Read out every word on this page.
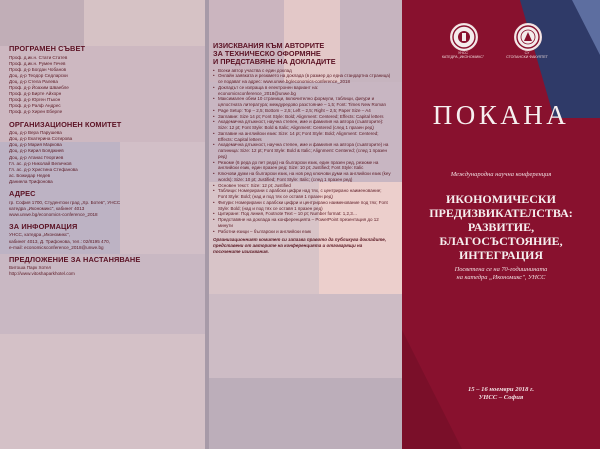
ПРОГРАМЕН СЪВЕТ
Проф. д.ик.н. Стати Статев
Проф. д.ик.н. Румен Гечев
Проф. д-р Богдан Чобанов
Доц. д-р Теодор Седларски
Доц. д-р Стела Ралева
Проф. д-р Йоахим Шваебле
Проф. д-р Бирте Айхорн
Проф. д-р Юрген Пъкон
Проф. д-р Ралф Андрес
Проф. д-р Хирен Еберле
ОРГАНИЗАЦИОНЕН КОМИТЕТ
Доц. д-р Вера Парушева
Доц. д-р Екатерина Сотирова
Доц. д-р Мария Маркова
Доц. д-р Кирил Бояджиев
Доц. д-р Атанас Георгиев
Гл. ас. д-р Николай Величков
Гл. ас. д-р Христина Стефанова
ас. Божидар Недев
Даниела Трифонова
АДРЕС
гр. София 1700, Студентски град „Хр. Ботев", УНСС
катедра „Икономикс", кабинет 4013
www.unwe.bg/economics-conference_2018
ЗА ИНФОРМАЦИЯ
УНСС, катедра „Икономикс",
кабинет 4013, Д. Трифонова, тел.: 02/8195 470,
e-mail: economicsconference_2018@unwe.bg
ПРЕДЛОЖЕНИЕ ЗА НАСТАНЯВАНЕ
Витоша Парк Хотел
http://www.vitoshaparkhotel.com
ИЗИСКВАНИЯ КЪМ АВТОРИТЕ
ЗА ТЕХНИЧЕСКО ОФОРМЯНЕ
И ПРЕДСТАВЯНЕ НА ДОКЛАДИТЕ
• Всеки автор участва с един доклад
• Онлайн заявката и резюмето на доклада (в размер до една стандартна страница) се подават на адрес: www.unwe.bg/economics-conference_2018
• Докладът се изпраща в електронен вариант на: economicsconference_2018@unwe.bg
• Максимален обем 10 страници, включително формули, таблици, фигури и цялостната литература; междуредово разстояние – 1,5; Font: Times New Roman
• Page Setup: Top – 2,5; Bottom – 2,5; Left – 2,5; Right – 2,5; Paper Size – A4
• Заглавие: Size 14 pt; Font Style: Bold; Alignment: Centered; Effects: Capital letters
• Академична длъжност, научна степен, име и фамилия на автора (съавторите): Size: 12 pt; Font Style: Bold & Italic; Alignment: Centered (след 1 празен ред)
• Заглавие на английски език: Size: 14 pt; Font Style: Bold; Alignment: Centered; Effects: Capital letters
• Академична длъжност, научна степен, име и фамилия на автора (съавторите) на латиница: Size: 12 pt; Font Style: Bold & Italic; Alignment: Centered; (след 1 празен ред)
• Резюме (6 реда до пет реда) на български език, един празен ред, резюме на английски език, един празен ред: Size: 10 pt; Justified; Font Style: Italic
• Ключови думи на български език, на нов ред ключови думи на английски език (key words): Size: 10 pt; Justified; Font Style: Italic; (след 1 празен ред)
• Основен текст: Size: 12 pt; Justified
• Таблици: Номерирани с арабски цифри над тях, с центрирано наименование; Font Style: Bold; (над и под тях се оставя 1 празен ред)
• Фигури: Номерирани с арабски цифри и центрирано наименование под тях; Font Style: Bold; (над и под тях се оставя 1 празен ред)
• Цитиране: Под линия, Footnote Text – 10 pt; Number format: 1,2,3…
• Представяне на доклада на конференцията – PowerPoint презентация до 12 минути
• Работни езици – български и английски език
Организационният комитет си запазва правото да публикува докладите, представени от авторите на конференцията и отговарящи на посочените изисквания.
УНСС
КАТЕДРА „ИКОНОМИКС"
СУ
СТОПАНСКИ ФАКУЛТЕТ
ПОКАНА
Международна научна конференция
ИКОНОМИЧЕСКИ
ПРЕДИЗВИКАТЕЛСТВА:
РАЗВИТИЕ,
БЛАГОСЪСТОЯНИЕ,
ИНТЕГРАЦИЯ
Посветена се на 70-годишнината
на катедра „Икономикс", УНСС
15 – 16 ноември 2018 г.
УНСС – София
